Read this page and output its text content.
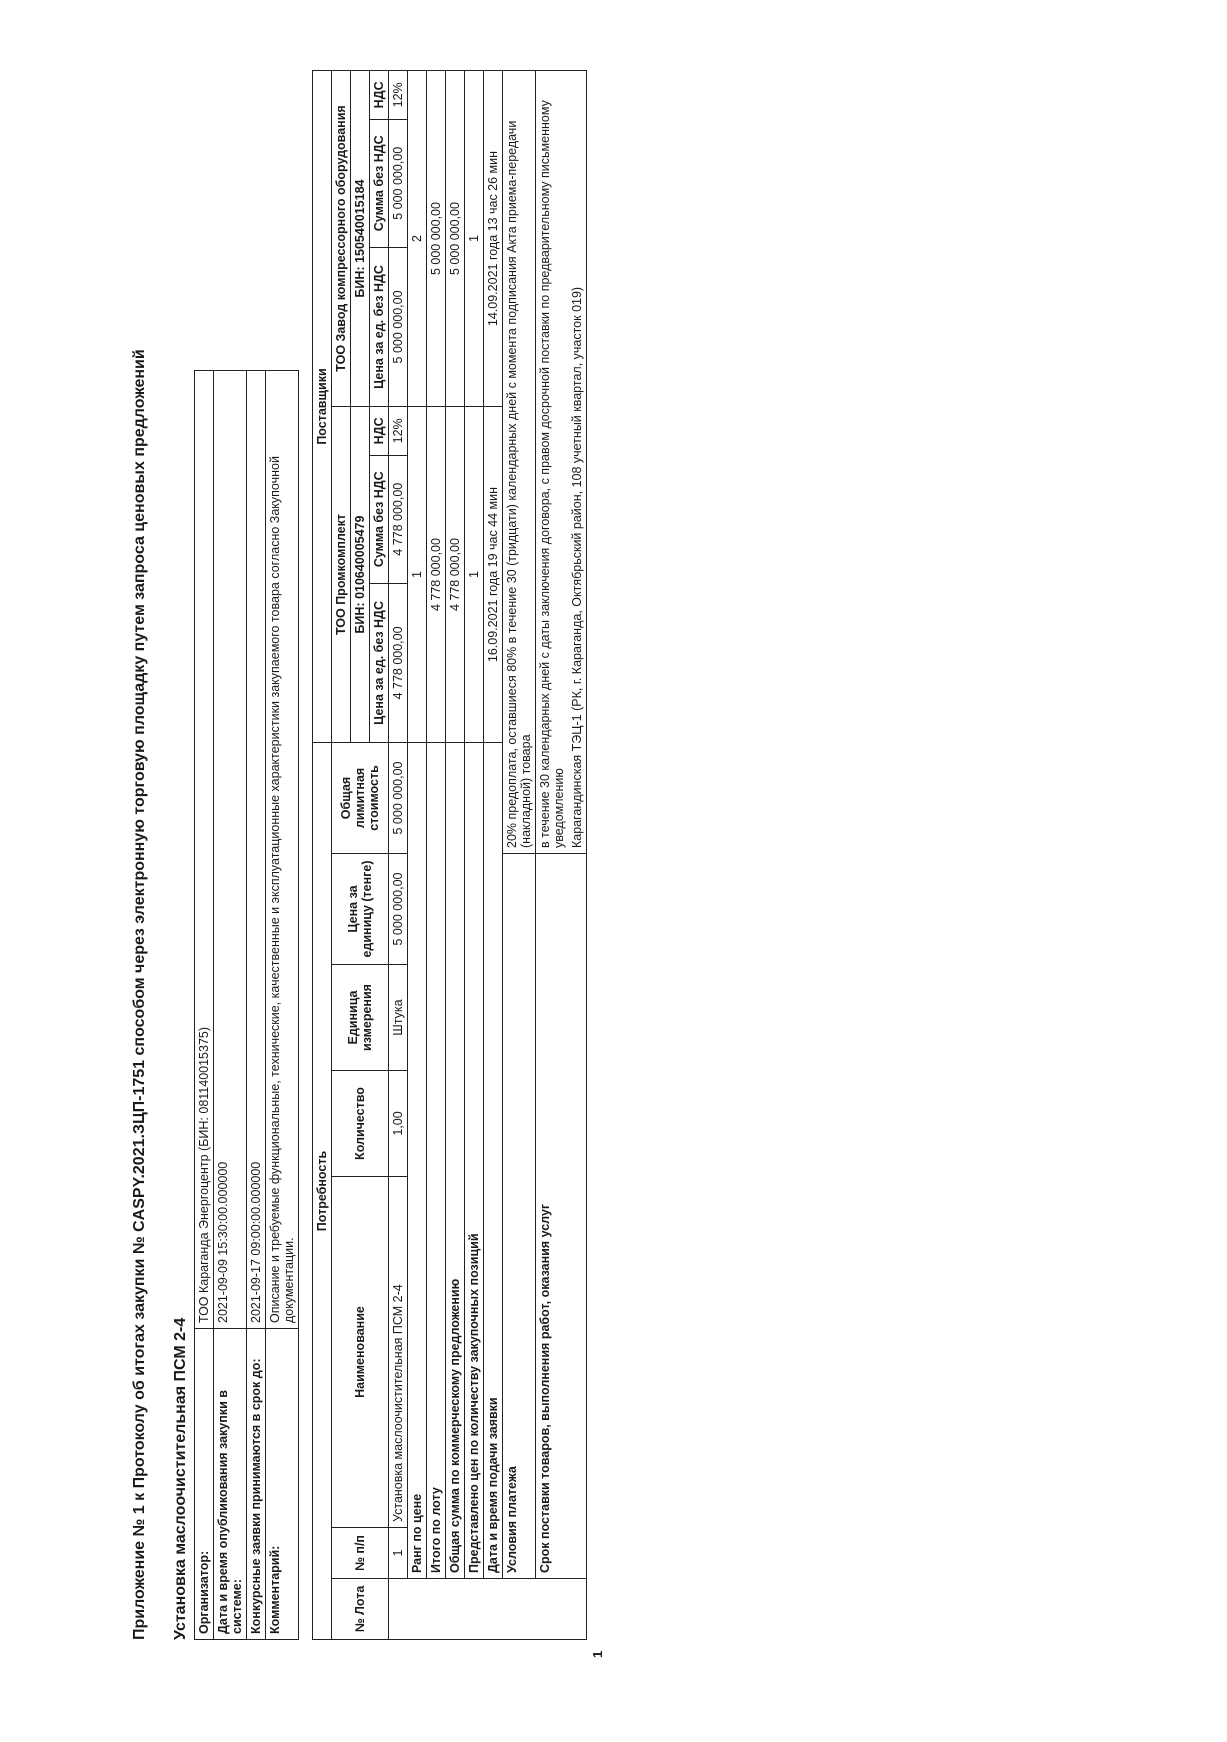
Приложение № 1 к Протоколу об итогах закупки № CASPY.2021.ЗЦП-1751 способом через электронную торговую площадку путем запроса ценовых предложений Установка маслоочистительная ПСМ 2-4 Организатор:	ТОО Караганда Энергоцентр (БИН: 081140015375)
Дата и время опубликования закупки в системе:	2021-09-09 15:30:00.000000
Конкурсные заявки принимаются в срок до:	2021-09-17 09:00:00.000000
Комментарий:	Описание и требуемые функциональные, технические, качественные и эксплуатационные характеристики закупаемого товара согласно Закупочной документации.
1
Потребность							Поставщики					
№ Лота	№ п/п	Наименование	Количество	Единица измерения	Цена за единицу (тенге)	Общая лимитная стоимость	ТОО Промкомплект			ТОО Завод компрессорного оборудования		
							БИН: 010640005479			БИН: 150540015184		
							Цена за ед. без НДС	Сумма без НДС	НДС	Цена за ед. без НДС	Сумма без НДС	НДС
	1	Установка маслоочистительная ПСМ 2-4	1,00	Штука	5 000 000,00	5 000 000,00	4 778 000,00	4 778 000,00	12%	5 000 000,00	5 000 000,00	12%
	Ранг по цене						1			2		
	Итого по лоту						4 778 000,00			5 000 000,00		
	Общая сумма по коммерческому предложению						4 778 000,00			5 000 000,00		
	Представлено цен по количеству закупочных позиций						1			1		
	Дата и время подачи заявки						16.09.2021 года 19 час 44 мин			14.09.2021 года 13 час 26 мин		
	Условия платежа					20% предоплата, оставшиеся 80% в течение 30 (тридцати) календарных дней с момента подписания Акта приема-передачи (накладной) товара						
	Срок поставки товаров, выполнения работ, оказания услуг					в течение 30 календарных дней с даты заключения договора, с правом досрочной поставки по предварительному письменному уведомлению						
						Карагандинская ТЭЦ-1 (РК, г. Караганда, Октябрьский район, 108 учетный квартал, участок 019)						
